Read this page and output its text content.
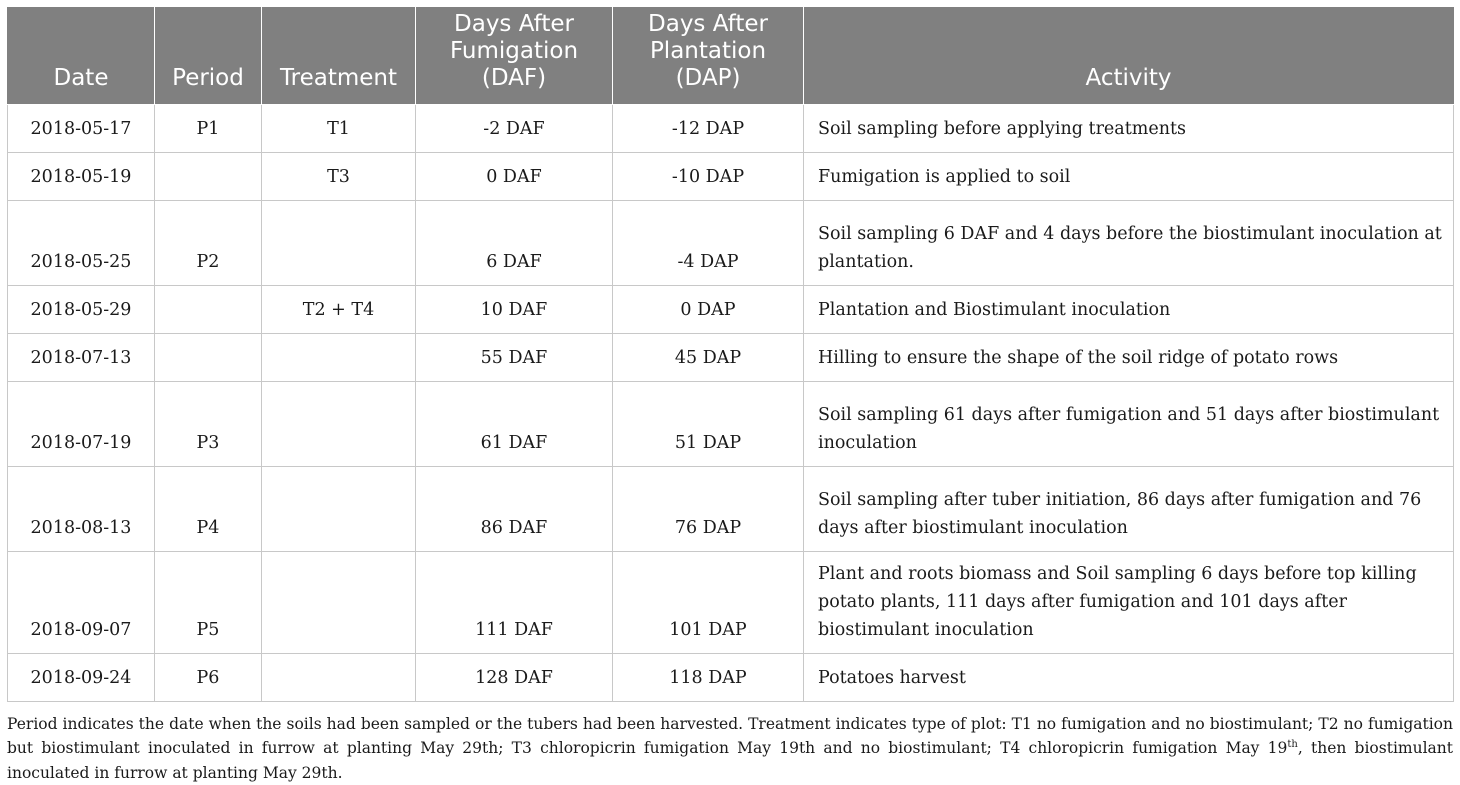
Date	Period	Treatment	Days After Fumigation (DAF)	Days After Plantation (DAP)	Activity
2018-05-17	P1	T1	-2 DAF	-12 DAP	Soil sampling before applying treatments
2018-05-19		T3	0 DAF	-10 DAP	Fumigation is applied to soil
2018-05-25	P2		6 DAF	-4 DAP	Soil sampling 6 DAF and 4 days before the biostimulant inoculation at plantation.
2018-05-29		T2 + T4	10 DAF	0 DAP	Plantation and Biostimulant inoculation
2018-07-13			55 DAF	45 DAP	Hilling to ensure the shape of the soil ridge of potato rows
2018-07-19	P3		61 DAF	51 DAP	Soil sampling 61 days after fumigation and 51 days after biostimulant inoculation
2018-08-13	P4		86 DAF	76 DAP	Soil sampling after tuber initiation, 86 days after fumigation and 76 days after biostimulant inoculation
2018-09-07	P5		111 DAF	101 DAP	Plant and roots biomass and Soil sampling 6 days before top killing potato plants, 111 days after fumigation and 101 days after biostimulant inoculation
2018-09-24	P6		128 DAF	118 DAP	Potatoes harvest

Period indicates the date when the soils had been sampled or the tubers had been harvested. Treatment indicates type of plot: T1 no fumigation and no biostimulant; T2 no fumigation but biostimulant inoculated in furrow at planting May 29th; T3 chloropicrin fumigation May 19th and no biostimulant; T4 chloropicrin fumigation May 19th, then biostimulant inoculated in furrow at planting May 29th.
